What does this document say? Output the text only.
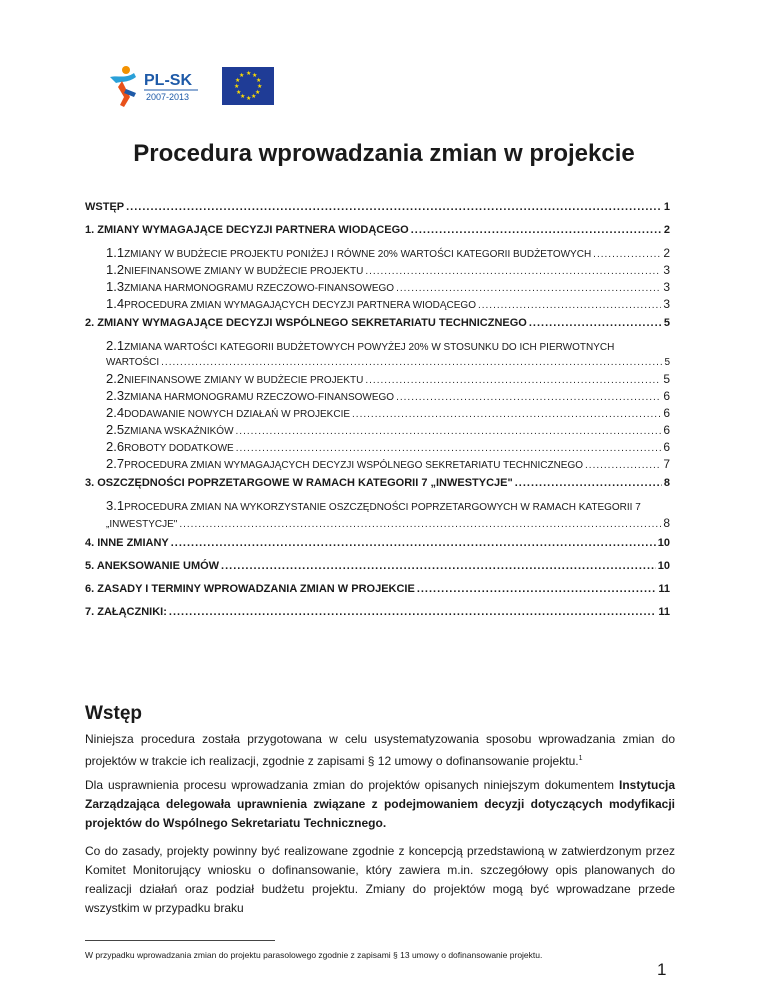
PL-SK
2007-2013
★ ★
★
★
★
★
★
★
★
★
★
★
Procedura wprowadzania zmian w projekcie
WSTĘP .....	1
1. ZMIANY WYMAGAJĄCE DECYZJI PARTNERA WIODĄCEGO .....	2
1.1ZMIANY W BUDŻECIE PROJEKTU PONIŻEJ I RÓWNE 20% WARTOŚCI KATEGORII BUDŻETOWYCH .....	2
1.2NIEFINANSOWE ZMIANY W BUDŻECIE PROJEKTU .....	3
1.3ZMIANA HARMONOGRAMU RZECZOWO-FINANSOWEGO .....	3
1.4PROCEDURA ZMIAN WYMAGAJĄCYCH DECYZJI PARTNERA WIODĄCEGO .....	3
2. ZMIANY WYMAGAJĄCE DECYZJI WSPÓLNEGO SEKRETARIATU TECHNICZNEGO .....	5
2.1ZMIANA WARTOŚCI KATEGORII BUDŻETOWYCH POWYŻEJ 20% W STOSUNKU DO ICH PIERWOTNYCH
WARTOŚCI .....	5
2.2NIEFINANSOWE ZMIANY W BUDŻECIE PROJEKTU .....	5
2.3ZMIANA HARMONOGRAMU RZECZOWO-FINANSOWEGO .....	6
2.4DODAWANIE NOWYCH DZIAŁAŃ W PROJEKCIE .....	6
2.5ZMIANA WSKAŹNIKÓW .....	6
2.6ROBOTY DODATKOWE .....	6
2.7PROCEDURA ZMIAN WYMAGAJĄCYCH DECYZJI WSPÓLNEGO SEKRETARIATU TECHNICZNEGO .....	7
3. OSZCZĘDNOŚCI POPRZETARGOWE W RAMACH KATEGORII 7 „INWESTYCJE" .....	8
3.1PROCEDURA ZMIAN NA WYKORZYSTANIE OSZCZĘDNOŚCI POPRZETARGOWYCH W RAMACH KATEGORII 7
„INWESTYCJE" .....	8
4. INNE ZMIANY .....	10
5. ANEKSOWANIE UMÓW .....	10
6. ZASADY I TERMINY WPROWADZANIA ZMIAN W PROJEKCIE .....	11
7. ZAŁĄCZNIKI: .....	11
Wstęp
Niniejsza procedura została przygotowana w celu usystematyzowania sposobu wprowadzania zmian do projektów w trakcie ich realizacji, zgodnie z zapisami § 12 umowy o dofinansowanie projektu.$^1$
Dla usprawnienia procesu wprowadzania zmian do projektów opisanych niniejszym dokumentem Instytucja Zarządzająca delegowała uprawnienia związane z podejmowaniem decyzji dotyczących modyfikacji projektów do Wspólnego Sekretariatu Technicznego.
Co do zasady, projekty powinny być realizowane zgodnie z koncepcją przedstawioną w zatwierdzonym przez Komitet Monitorujący wniosku o dofinansowanie, który zawiera m.in. szczegółowy opis planowanych do realizacji działań oraz podział budżetu projektu. Zmiany do projektów mogą być wprowadzane przede wszystkim w przypadku braku
W przypadku wprowadzania zmian do projektu parasolowego zgodnie z zapisami § 13 umowy o dofinansowanie projektu.
1
